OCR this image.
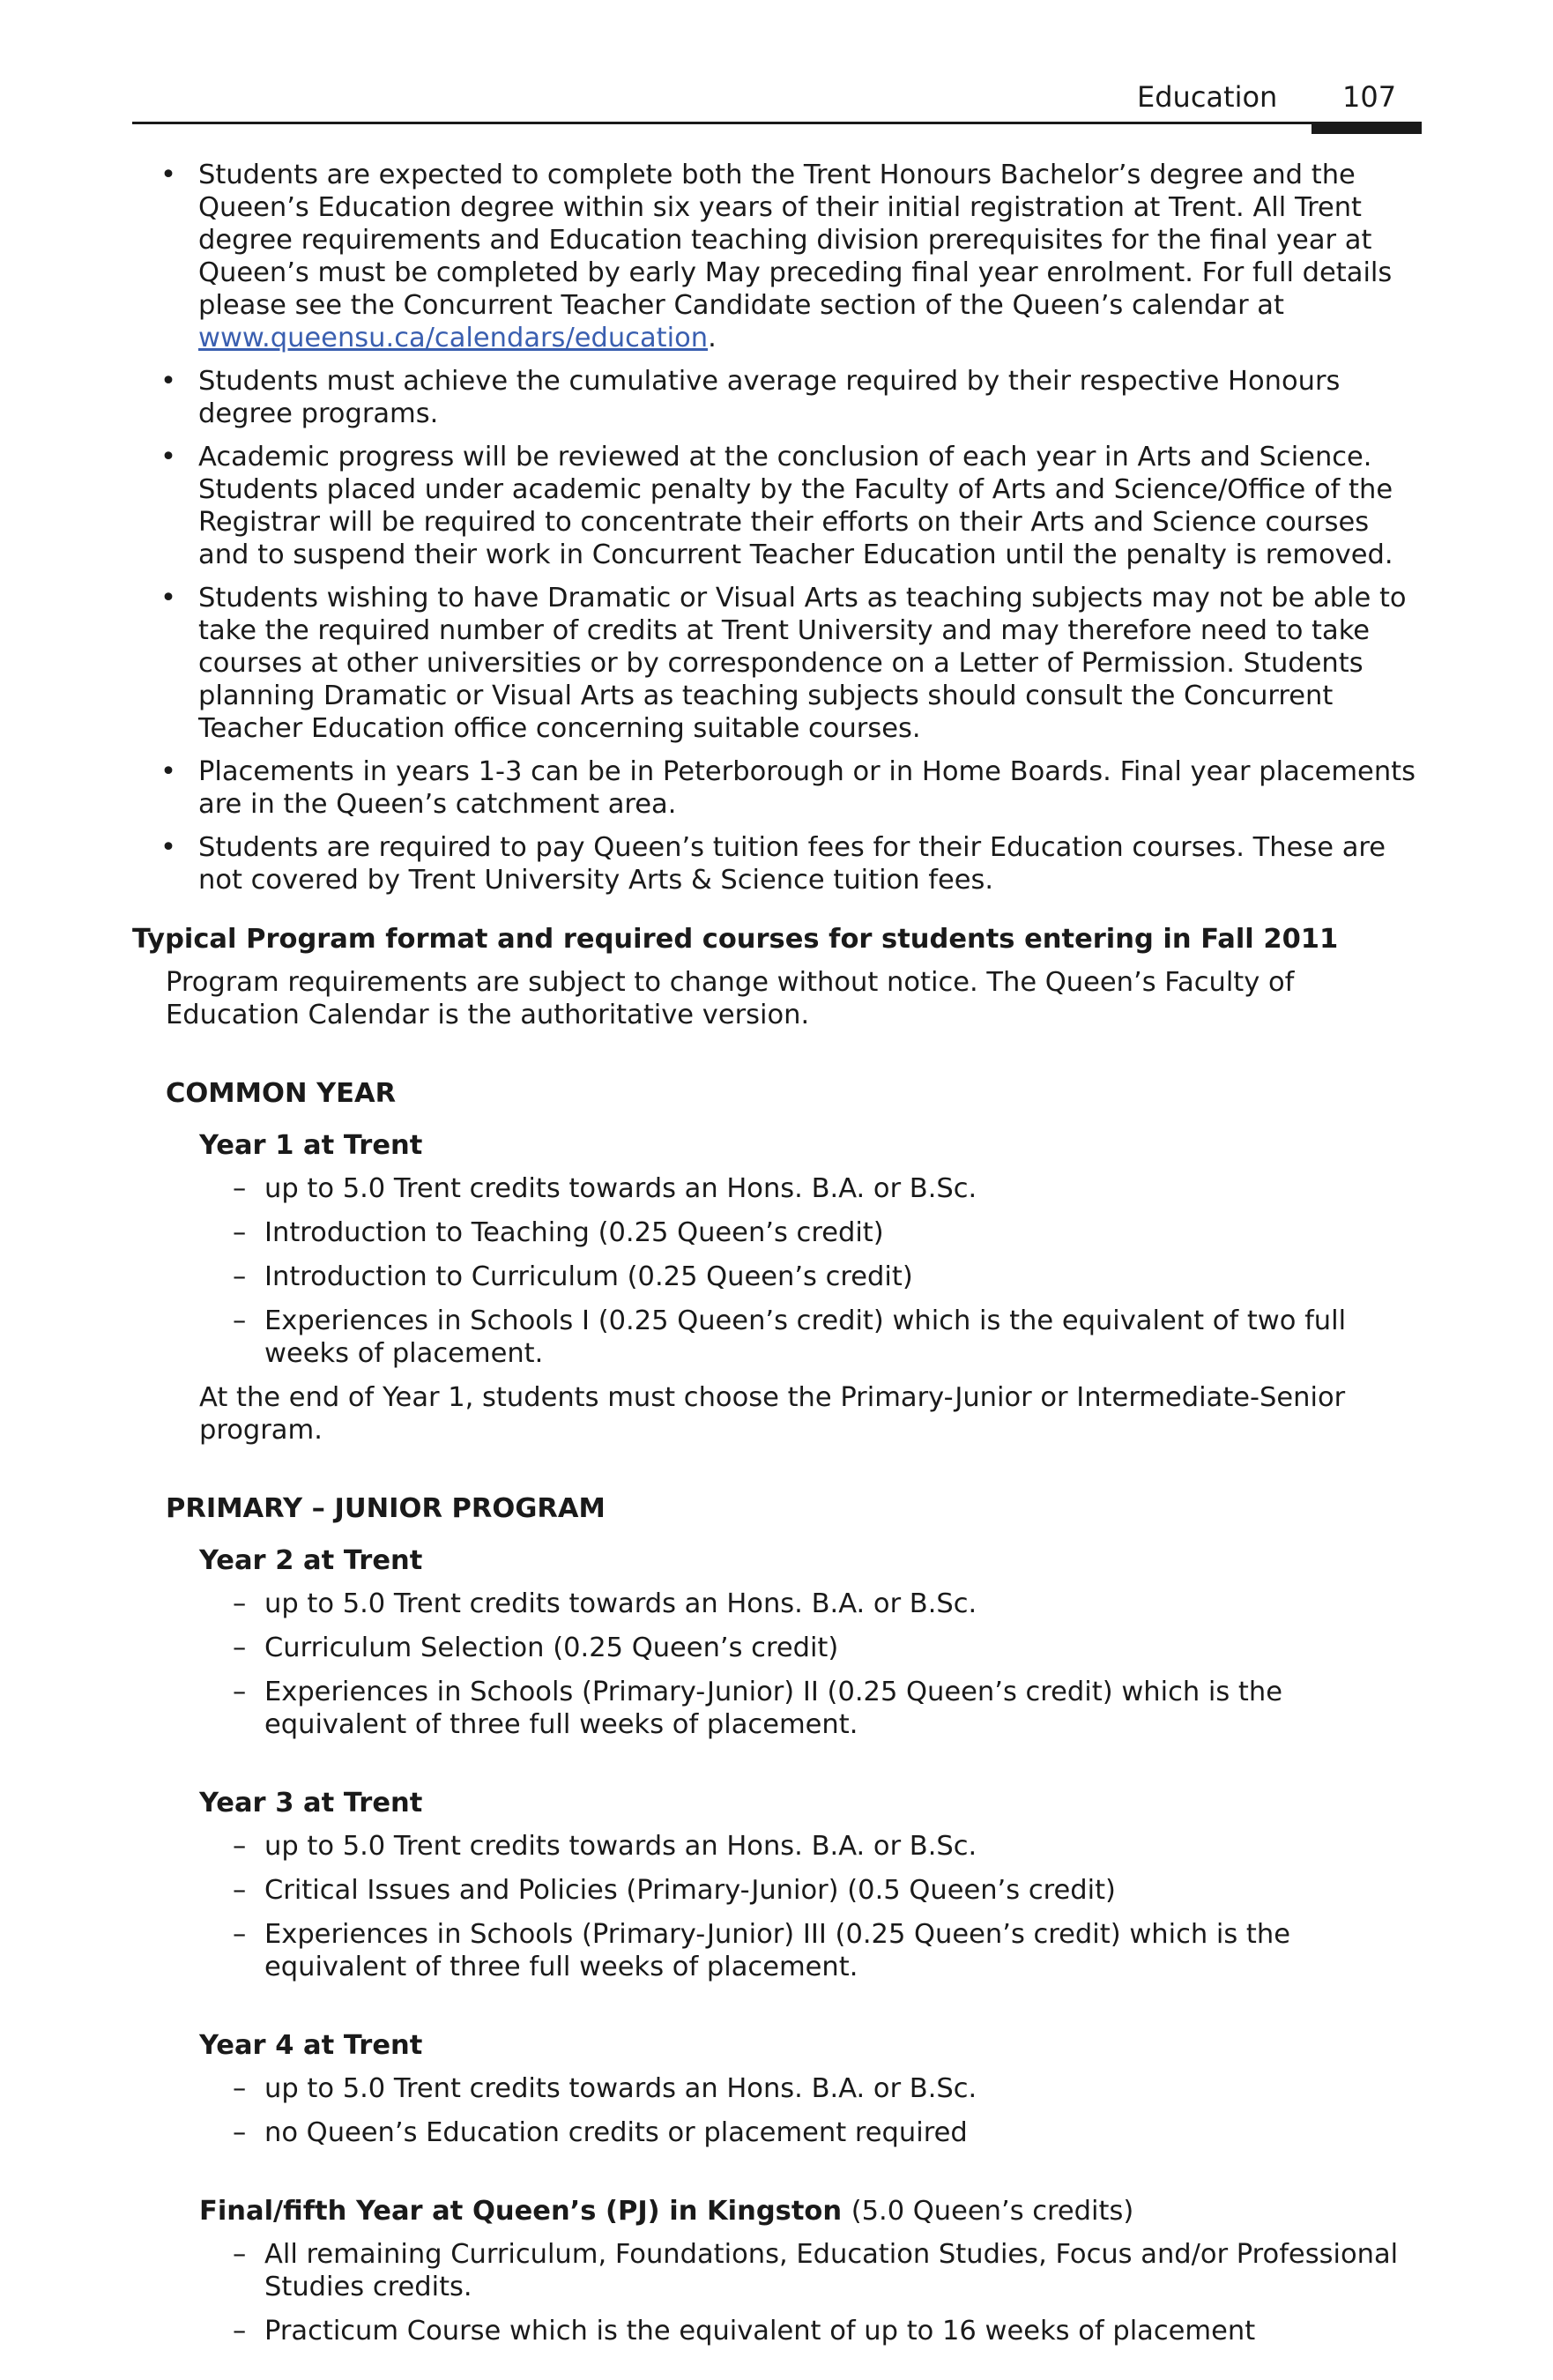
Education 107
• Students are expected to complete both the Trent Honours Bachelor’s degree and the Queen’s Education degree within six years of their initial registration at Trent. All Trent degree requirements and Education teaching division prerequisites for the final year at Queen’s must be completed by early May preceding final year enrolment. For full details please see the Concurrent Teacher Candidate section of the Queen’s calendar at www.queensu.ca/calendars/education.
• Students must achieve the cumulative average required by their respective Honours degree programs.
• Academic progress will be reviewed at the conclusion of each year in Arts and Science. Students placed under academic penalty by the Faculty of Arts and Science/Office of the Registrar will be required to concentrate their efforts on their Arts and Science courses and to suspend their work in Concurrent Teacher Education until the penalty is removed.
• Students wishing to have Dramatic or Visual Arts as teaching subjects may not be able to take the required number of credits at Trent University and may therefore need to take courses at other universities or by correspondence on a Letter of Permission. Students planning Dramatic or Visual Arts as teaching subjects should consult the Concurrent Teacher Education office concerning suitable courses.
• Placements in years 1-3 can be in Peterborough or in Home Boards. Final year placements are in the Queen’s catchment area.
• Students are required to pay Queen’s tuition fees for their Education courses. These are not covered by Trent University Arts & Science tuition fees.
Typical Program format and required courses for students entering in Fall 2011
Program requirements are subject to change without notice. The Queen’s Faculty of Education Calendar is the authoritative version.
COMMON YEAR
Year 1 at Trent
– up to 5.0 Trent credits towards an Hons. B.A. or B.Sc.
– Introduction to Teaching (0.25 Queen’s credit)
– Introduction to Curriculum (0.25 Queen’s credit)
– Experiences in Schools I (0.25 Queen’s credit) which is the equivalent of two full weeks of placement.
At the end of Year 1, students must choose the Primary-Junior or Intermediate-Senior program.
PRIMARY – JUNIOR PROGRAM
Year 2 at Trent
– up to 5.0 Trent credits towards an Hons. B.A. or B.Sc.
– Curriculum Selection (0.25 Queen’s credit)
– Experiences in Schools (Primary-Junior) II (0.25 Queen’s credit) which is the equivalent of three full weeks of placement.
Year 3 at Trent
– up to 5.0 Trent credits towards an Hons. B.A. or B.Sc.
– Critical Issues and Policies (Primary-Junior) (0.5 Queen’s credit)
– Experiences in Schools (Primary-Junior) III (0.25 Queen’s credit) which is the equivalent of three full weeks of placement.
Year 4 at Trent
– up to 5.0 Trent credits towards an Hons. B.A. or B.Sc.
– no Queen’s Education credits or placement required
Final/fifth Year at Queen’s (PJ) in Kingston (5.0 Queen’s credits)
– All remaining Curriculum, Foundations, Education Studies, Focus and/or Professional Studies credits.
– Practicum Course which is the equivalent of up to 16 weeks of placement
